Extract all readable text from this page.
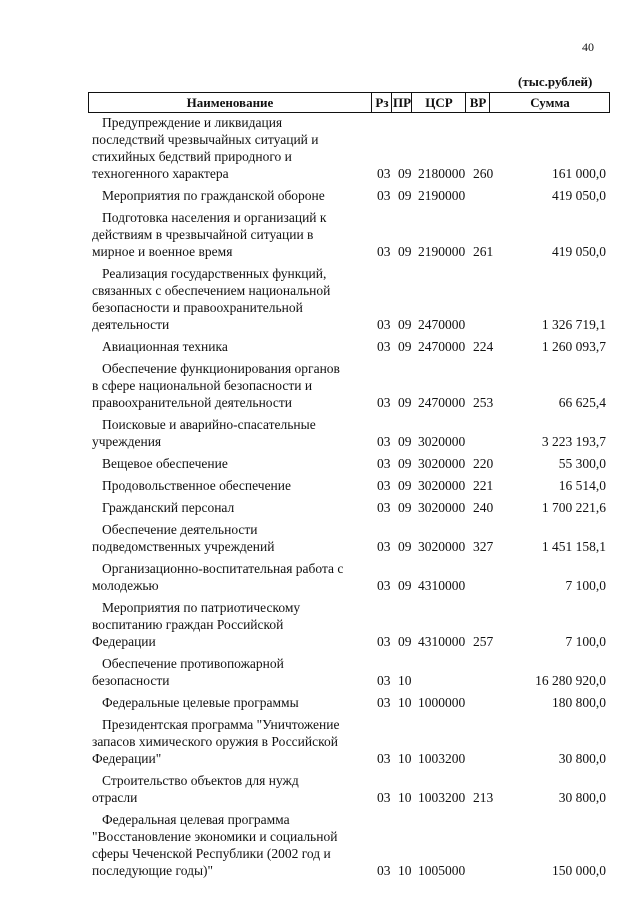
40
(тыс.рублей)
Наименование	Рз ПР	ЦСР	ВР	Сумма
Предупреждение и ликвидация
последствий чрезвычайных ситуаций и
стихийных бедствий природного и
техногенного характера	03 09 2180000 260	161 000,0
Мероприятия по гражданской обороне	03 09 2190000	419 050,0
Подготовка населения и организаций к
действиям в чрезвычайной ситуации в
мирное и военное время	03 09 2190000 261	419 050,0
Реализация государственных функций,
связанных с обеспечением национальной
безопасности и правоохранительной
деятельности	03 09 2470000	1 326 719,1
Авиационная техника	03 09 2470000 224	1 260 093,7
Обеспечение функционирования органов
в сфере национальной безопасности и
правоохранительной деятельности	03 09 2470000 253	66 625,4
Поисковые и аварийно-спасательные
учреждения	03 09 3020000	3 223 193,7
Вещевое обеспечение	03 09 3020000 220	55 300,0
Продовольственное обеспечение	03 09 3020000 221	16 514,0
Гражданский персонал	03 09 3020000 240	1 700 221,6
Обеспечение деятельности
подведомственных учреждений	03 09 3020000 327	1 451 158,1
Организационно-воспитательная работа с
молодежью	03 09 4310000	7 100,0
Мероприятия по патриотическому
воспитанию граждан Российской
Федерации	03 09 4310000 257	7 100,0
Обеспечение противопожарной
безопасности	03 10	16 280 920,0
Федеральные целевые программы	03 10 1000000	180 800,0
Президентская программа "Уничтожение
запасов химического оружия в Российской
Федерации"	03 10 1003200	30 800,0
Строительство объектов для нужд
отрасли	03 10 1003200 213	30 800,0
Федеральная целевая программа
"Восстановление экономики и социальной
сферы Чеченской Республики (2002 год и
последующие годы)"	03 10 1005000	150 000,0
